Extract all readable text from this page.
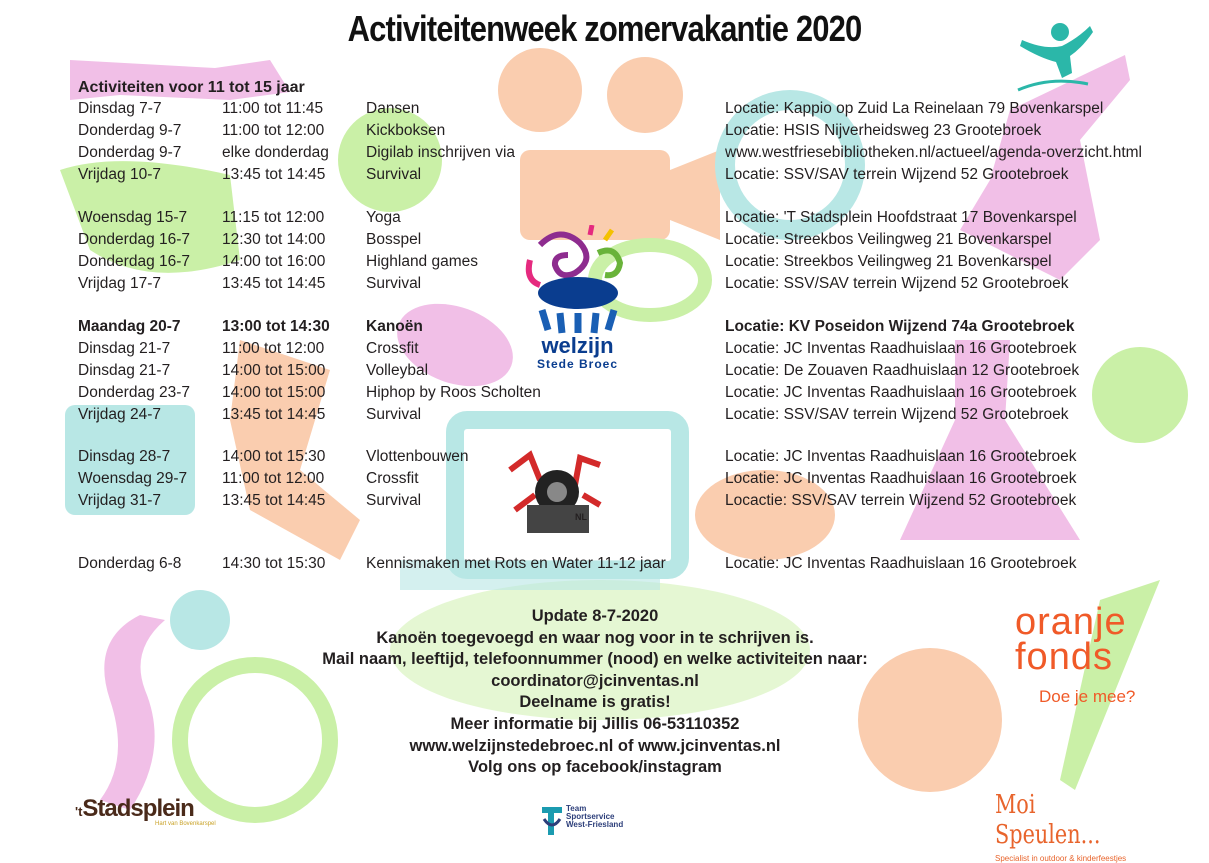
Activiteitenweek zomervakantie 2020
Activiteiten voor 11 tot 15 jaar
Dinsdag 7-7	11:00 tot 11:45	Dansen	Locatie: Kappio op Zuid La Reinelaan 79 Bovenkarspel
Donderdag 9-7	11:00 tot 12:00	Kickboksen	Locatie: HSIS Nijverheidsweg 23 Grootebroek
Donderdag 9-7	elke donderdag Digilab inschrijven via	www.westfriesebibliotheken.nl/actueel/agenda-overzicht.html
Vrijdag 10-7	13:45 tot 14:45	Survival	Locatie: SSV/SAV terrein Wijzend 52 Grootebroek
Woensdag 15-7 11:15 tot 12:00	Yoga	Locatie: 'T Stadsplein Hoofdstraat 17 Bovenkarspel
Donderdag 16-7 12:30 tot 14:00	Bosspel	Locatie: Streekbos Veilingweg 21 Bovenkarspel
Donderdag 16-7 14:00 tot 16:00	Highland games	Locatie: Streekbos Veilingweg 21 Bovenkarspel
Vrijdag 17-7	13:45 tot 14:45	Survival	Locatie: SSV/SAV terrein Wijzend 52 Grootebroek
Maandag 20-7	13:00 tot 14:30 Kanoën	Locatie: KV Poseidon Wijzend 74a Grootebroek
Dinsdag 21-7	11:00 tot 12:00	Crossfit	Locatie: JC Inventas Raadhuislaan 16 Grootebroek
Dinsdag 21-7	14:00 tot 15:00	Volleybal	Locatie: De Zouaven Raadhuislaan 12 Grootebroek
Donderdag 23-7 14:00 tot 15:00	Hiphop by Roos Scholten	Locatie: JC Inventas Raadhuislaan 16 Grootebroek
Vrijdag 24-7	13:45 tot 14:45	Survival	Locatie: SSV/SAV terrein Wijzend 52 Grootebroek
Dinsdag 28-7	14:00 tot 15:30	Vlottenbouwen	Locatie: JC Inventas Raadhuislaan 16 Grootebroek
Woensdag 29-7 11:00 tot 12:00	Crossfit	Locatie: JC Inventas Raadhuislaan 16 Grootebroek
Vrijdag 31-7	13:45 tot 14:45	Survival	Locactie: SSV/SAV terrein Wijzend 52 Grootebroek
Donderdag 6-8	14:30 tot 15:30	Kennismaken met Rots en Water 11-12 jaar	Locatie: JC Inventas Raadhuislaan 16 Grootebroek
welzijn
Stede Broec
NL
Update 8-7-2020
Kanoën toegevoegd en waar nog voor in te schrijven is.
Mail naam, leeftijd, telefoonnummer (nood) en welke activiteiten naar:
coordinator@jcinventas.nl
Deelname is gratis!
Meer informatie bij Jillis 06-53110352
www.welzijnstedebroec.nl of www.jcinventas.nl
Volg ons op facebook/instagram
oranje
fonds
Doe je mee?
Moi Speulen...
Specialist in outdoor & kinderfeestjes
'tStadsplein
Hart van Bovenkarspel
Team
Sportservice
West-Friesland
